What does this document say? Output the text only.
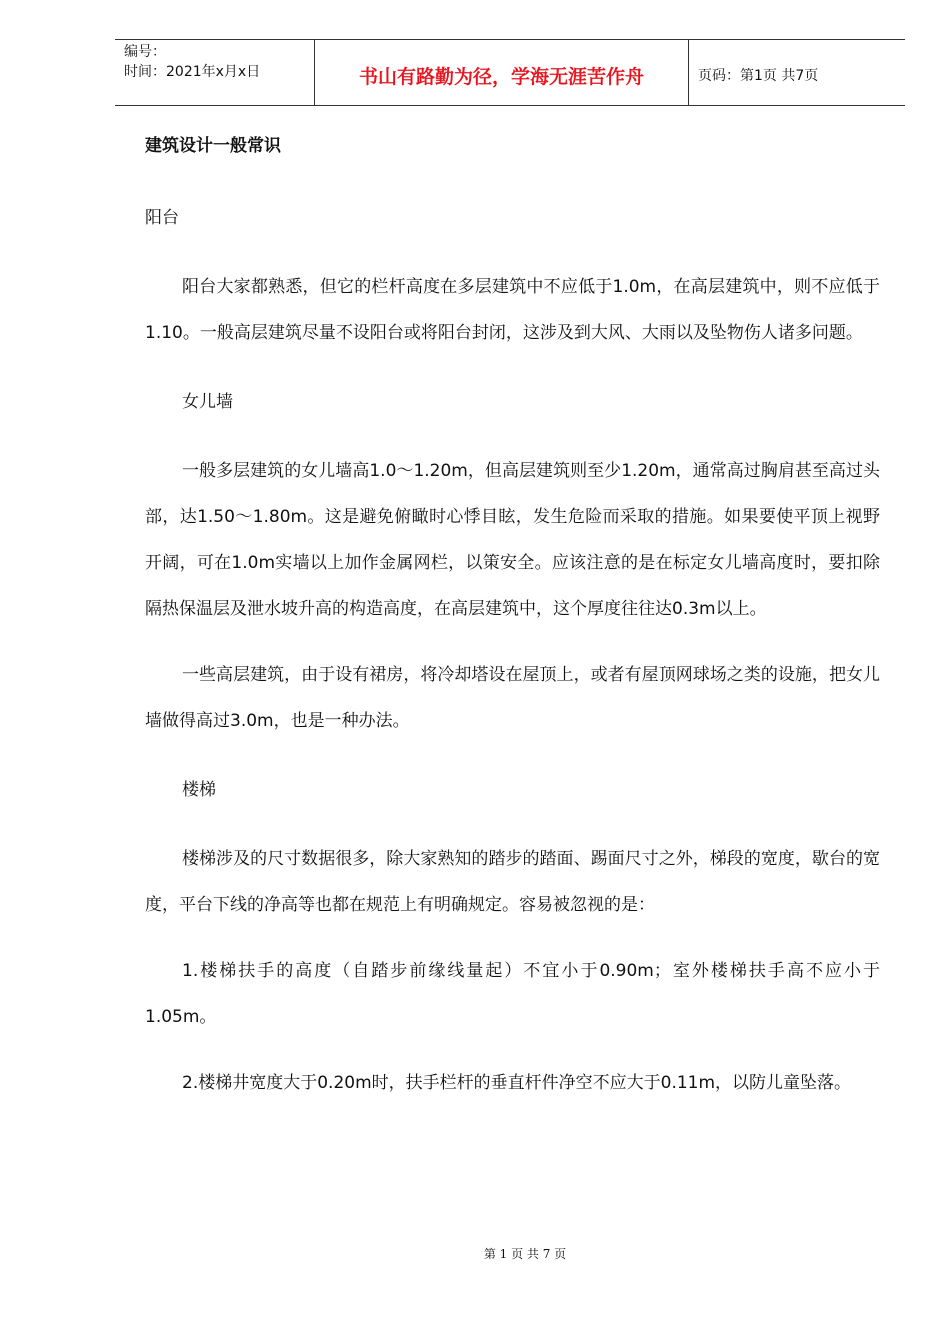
编号：
时间：2021年x月x日	书山有路勤为径，学海无涯苦作舟	页码：第1页 共7页
建筑设计一般常识
阳台

阳台大家都熟悉，但它的栏杆高度在多层建筑中不应低于1.0m，在高层建筑中，则不应低于1.10。一般高层建筑尽量不设阳台或将阳台封闭，这涉及到大风、大雨以及坠物伤人诸多问题。

女儿墙

一般多层建筑的女儿墙高1.0～1.20m，但高层建筑则至少1.20m，通常高过胸肩甚至高过头部，达1.50～1.80m。这是避免俯瞰时心悸目眩，发生危险而采取的措施。如果要使平顶上视野开阔，可在1.0m实墙以上加作金属网栏，以策安全。应该注意的是在标定女儿墙高度时，要扣除隔热保温层及泄水坡升高的构造高度，在高层建筑中，这个厚度往往达0.3m以上。

一些高层建筑，由于设有裙房，将冷却塔设在屋顶上，或者有屋顶网球场之类的设施，把女儿墙做得高过3.0m，也是一种办法。

楼梯

楼梯涉及的尺寸数据很多，除大家熟知的踏步的踏面、踢面尺寸之外，梯段的宽度，歇台的宽度，平台下线的净高等也都在规范上有明确规定。容易被忽视的是：

1.楼梯扶手的高度（自踏步前缘线量起）不宜小于0.90m；室外楼梯扶手高不应小于1.05m。

2.楼梯井宽度大于0.20m时，扶手栏杆的垂直杆件净空不应大于0.11m，以防儿童坠落。

第 1 页 共 7 页
